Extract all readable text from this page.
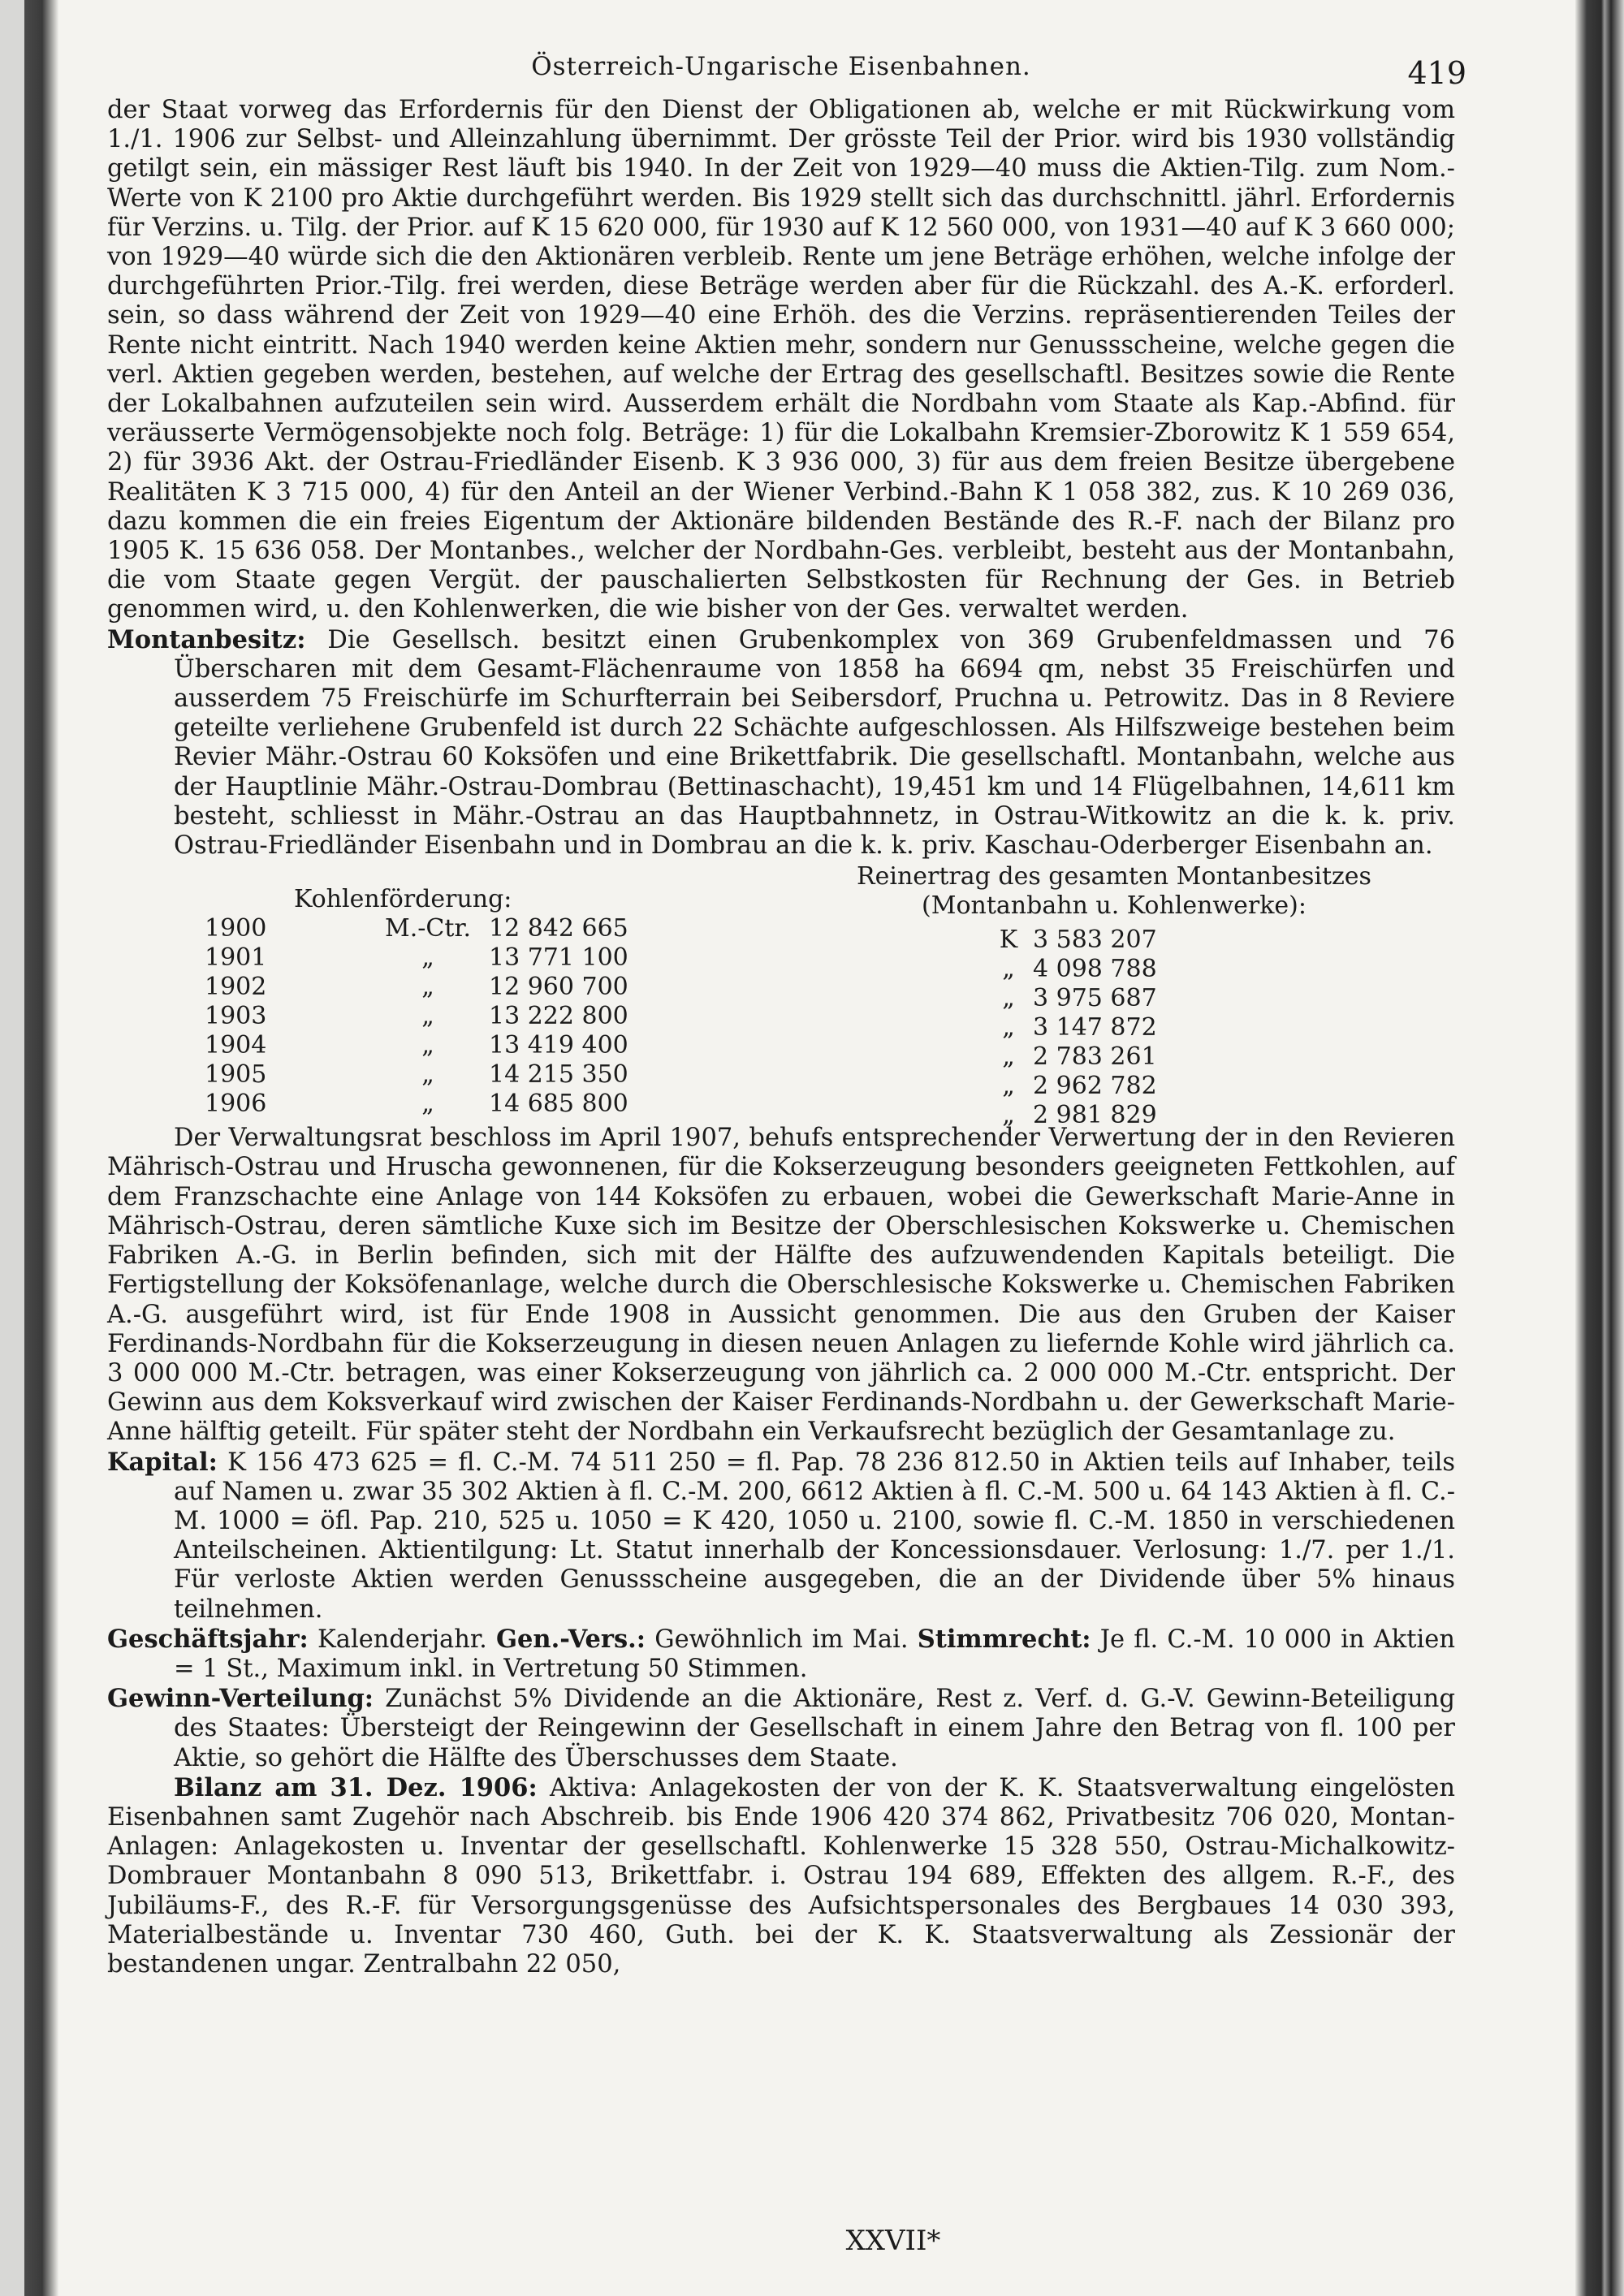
Österreich-Ungarische Eisenbahnen.	419

der Staat vorweg das Erfordernis für den Dienst der Obligationen ab, welche er mit Rückwirkung vom 1./1. 1906 zur Selbst- und Alleinzahlung übernimmt. Der grösste Teil der Prior. wird bis 1930 vollständig getilgt sein, ein mässiger Rest läuft bis 1940. In der Zeit von 1929—40 muss die Aktien-Tilg. zum Nom.-Werte von K 2100 pro Aktie durchgeführt werden. Bis 1929 stellt sich das durchschnittl. jährl. Erfordernis für Verzins. u. Tilg. der Prior. auf K 15 620 000, für 1930 auf K 12 560 000, von 1931—40 auf K 3 660 000; von 1929—40 würde sich die den Aktionären verbleib. Rente um jene Beträge erhöhen, welche infolge der durchgeführten Prior.-Tilg. frei werden, diese Beträge werden aber für die Rückzahl. des A.-K. erforderl. sein, so dass während der Zeit von 1929—40 eine Erhöh. des die Verzins. repräsentierenden Teiles der Rente nicht eintritt. Nach 1940 werden keine Aktien mehr, sondern nur Genussscheine, welche gegen die verl. Aktien gegeben werden, bestehen, auf welche der Ertrag des gesellschaftl. Besitzes sowie die Rente der Lokalbahnen aufzuteilen sein wird. Ausserdem erhält die Nordbahn vom Staate als Kap.-Abfind. für veräusserte Vermögensobjekte noch folg. Beträge: 1) für die Lokalbahn Kremsier-Zborowitz K 1 559 654, 2) für 3936 Akt. der Ostrau-Friedländer Eisenb. K 3 936 000, 3) für aus dem freien Besitze übergebene Realitäten K 3 715 000, 4) für den Anteil an der Wiener Verbind.-Bahn K 1 058 382, zus. K 10 269 036, dazu kommen die ein freies Eigentum der Aktionäre bildenden Bestände des R.-F. nach der Bilanz pro 1905 K. 15 636 058. Der Montanbes., welcher der Nordbahn-Ges. verbleibt, besteht aus der Montanbahn, die vom Staate gegen Vergüt. der pauschalierten Selbstkosten für Rechnung der Ges. in Betrieb genommen wird, u. den Kohlenwerken, die wie bisher von der Ges. verwaltet werden.

Montanbesitz: Die Gesellsch. besitzt einen Grubenkomplex von 369 Grubenfeldmassen und 76 Überscharen mit dem Gesamt-Flächenraume von 1858 ha 6694 qm, nebst 35 Freischürfen und ausserdem 75 Freischürfe im Schurfterrain bei Seibersdorf, Pruchna u. Petrowitz. Das in 8 Reviere geteilte verliehene Grubenfeld ist durch 22 Schächte aufgeschlossen. Als Hilfszweige bestehen beim Revier Mähr.-Ostrau 60 Koksöfen und eine Brikettfabrik. Die gesellschaftl. Montanbahn, welche aus der Hauptlinie Mähr.-Ostrau-Dombrau (Bettinaschacht), 19,451 km und 14 Flügelbahnen, 14,611 km besteht, schliesst in Mähr.-Ostrau an das Hauptbahnnetz, in Ostrau-Witkowitz an die k. k. priv. Ostrau-Friedländer Eisenbahn und in Dombrau an die k. k. priv. Kaschau-Oderberger Eisenbahn an.

Kohlenförderung:
1900	M.-Ctr. 12 842 665
1901	„	13 771 100
1902	„	12 960 700
1903	„	13 222 800
1904	„	13 419 400
1905	„	14 215 350
1906	„	14 685 800
Reinertrag des gesamten Montanbesitzes
(Montanbahn u. Kohlenwerke):
K 3 583 207
„ 4 098 788
„ 3 975 687
„ 3 147 872
„ 2 783 261
„ 2 962 782
„ 2 981 829

Der Verwaltungsrat beschloss im April 1907, behufs entsprechender Verwertung der in den Revieren Mährisch-Ostrau und Hruscha gewonnenen, für die Kokserzeugung besonders geeigneten Fettkohlen, auf dem Franzschachte eine Anlage von 144 Koksöfen zu erbauen, wobei die Gewerkschaft Marie-Anne in Mährisch-Ostrau, deren sämtliche Kuxe sich im Besitze der Oberschlesischen Kokswerke u. Chemischen Fabriken A.-G. in Berlin befinden, sich mit der Hälfte des aufzuwendenden Kapitals beteiligt. Die Fertigstellung der Koksöfenanlage, welche durch die Oberschlesische Kokswerke u. Chemischen Fabriken A.-G. ausgeführt wird, ist für Ende 1908 in Aussicht genommen. Die aus den Gruben der Kaiser Ferdinands-Nordbahn für die Kokserzeugung in diesen neuen Anlagen zu liefernde Kohle wird jährlich ca. 3 000 000 M.-Ctr. betragen, was einer Kokserzeugung von jährlich ca. 2 000 000 M.-Ctr. entspricht. Der Gewinn aus dem Koksverkauf wird zwischen der Kaiser Ferdinands-Nordbahn u. der Gewerkschaft Marie-Anne hälftig geteilt. Für später steht der Nordbahn ein Verkaufsrecht bezüglich der Gesamtanlage zu.

Kapital: K 156 473 625 = fl. C.-M. 74 511 250 = fl. Pap. 78 236 812.50 in Aktien teils auf Inhaber, teils auf Namen u. zwar 35 302 Aktien à fl. C.-M. 200, 6612 Aktien à fl. C.-M. 500 u. 64 143 Aktien à fl. C.-M. 1000 = öfl. Pap. 210, 525 u. 1050 = K 420, 1050 u. 2100, sowie fl. C.-M. 1850 in verschiedenen Anteilscheinen. Aktientilgung: Lt. Statut innerhalb der Koncessionsdauer. Verlosung: 1./7. per 1./1. Für verloste Aktien werden Genussscheine ausgegeben, die an der Dividende über 5% hinaus teilnehmen.

Geschäftsjahr: Kalenderjahr. Gen.-Vers.: Gewöhnlich im Mai. Stimmrecht: Je fl. C.-M. 10 000 in Aktien = 1 St., Maximum inkl. in Vertretung 50 Stimmen.

Gewinn-Verteilung: Zunächst 5% Dividende an die Aktionäre, Rest z. Verf. d. G.-V. Gewinn-Beteiligung des Staates: Übersteigt der Reingewinn der Gesellschaft in einem Jahre den Betrag von fl. 100 per Aktie, so gehört die Hälfte des Überschusses dem Staate.

Bilanz am 31. Dez. 1906: Aktiva: Anlagekosten der von der K. K. Staatsverwaltung eingelösten Eisenbahnen samt Zugehör nach Abschreib. bis Ende 1906 420 374 862, Privatbesitz 706 020, Montan-Anlagen: Anlagekosten u. Inventar der gesellschaftl. Kohlenwerke 15 328 550, Ostrau-Michalkowitz-Dombrauer Montanbahn 8 090 513, Brikettfabr. i. Ostrau 194 689, Effekten des allgem. R.-F., des Jubiläums-F., des R.-F. für Versorgungsgenüsse des Aufsichtspersonales des Bergbaues 14 030 393, Materialbestände u. Inventar 730 460, Guth. bei der K. K. Staatsverwaltung als Zessionär der bestandenen ungar. Zentralbahn 22 050,

XXVII*
